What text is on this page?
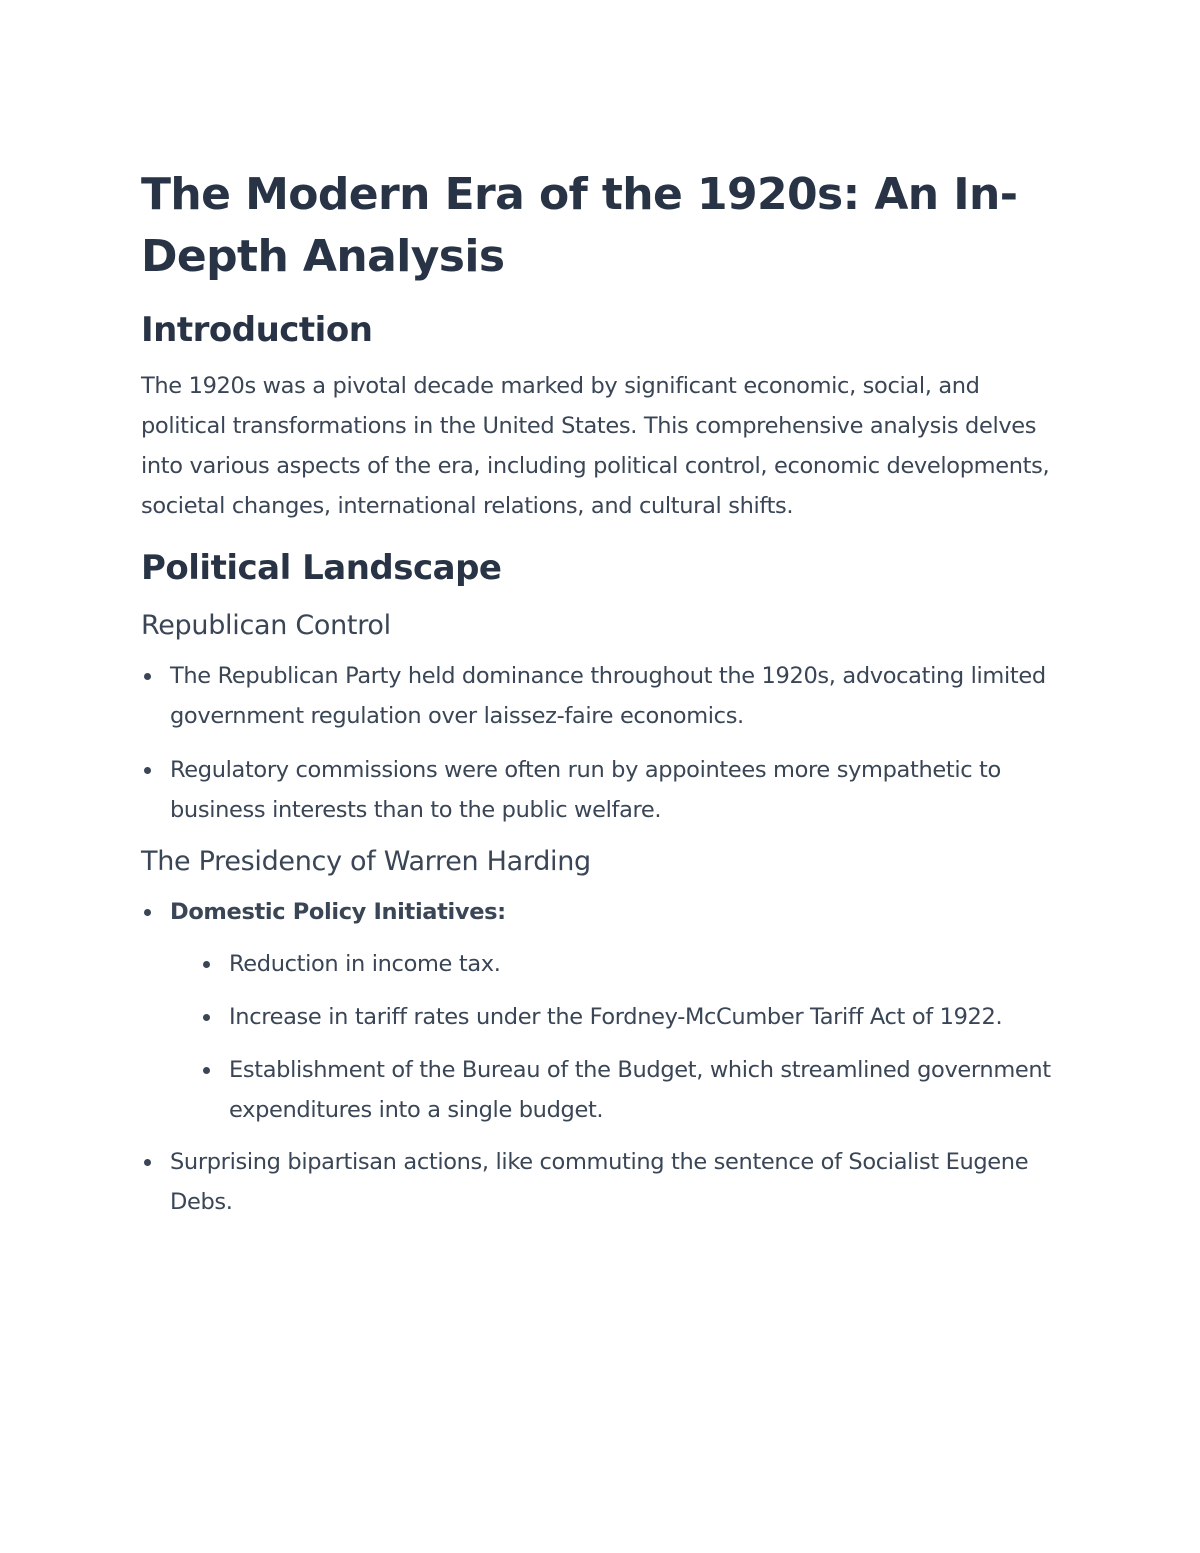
The Modern Era of the 1920s: An In-Depth Analysis
Introduction

The 1920s was a pivotal decade marked by significant economic, social, and political transformations in the United States. This comprehensive analysis delves into various aspects of the era, including political control, economic developments, societal changes, international relations, and cultural shifts.

Political Landscape
Republican Control
The Republican Party held dominance throughout the 1920s, advocating limited government regulation over laissez-faire economics.
Regulatory commissions were often run by appointees more sympathetic to business interests than to the public welfare.
The Presidency of Warren Harding
Domestic Policy Initiatives:
Reduction in income tax.
Increase in tariff rates under the Fordney-McCumber Tariff Act of 1922.
Establishment of the Bureau of the Budget, which streamlined government expenditures into a single budget.
Surprising bipartisan actions, like commuting the sentence of Socialist Eugene Debs.
